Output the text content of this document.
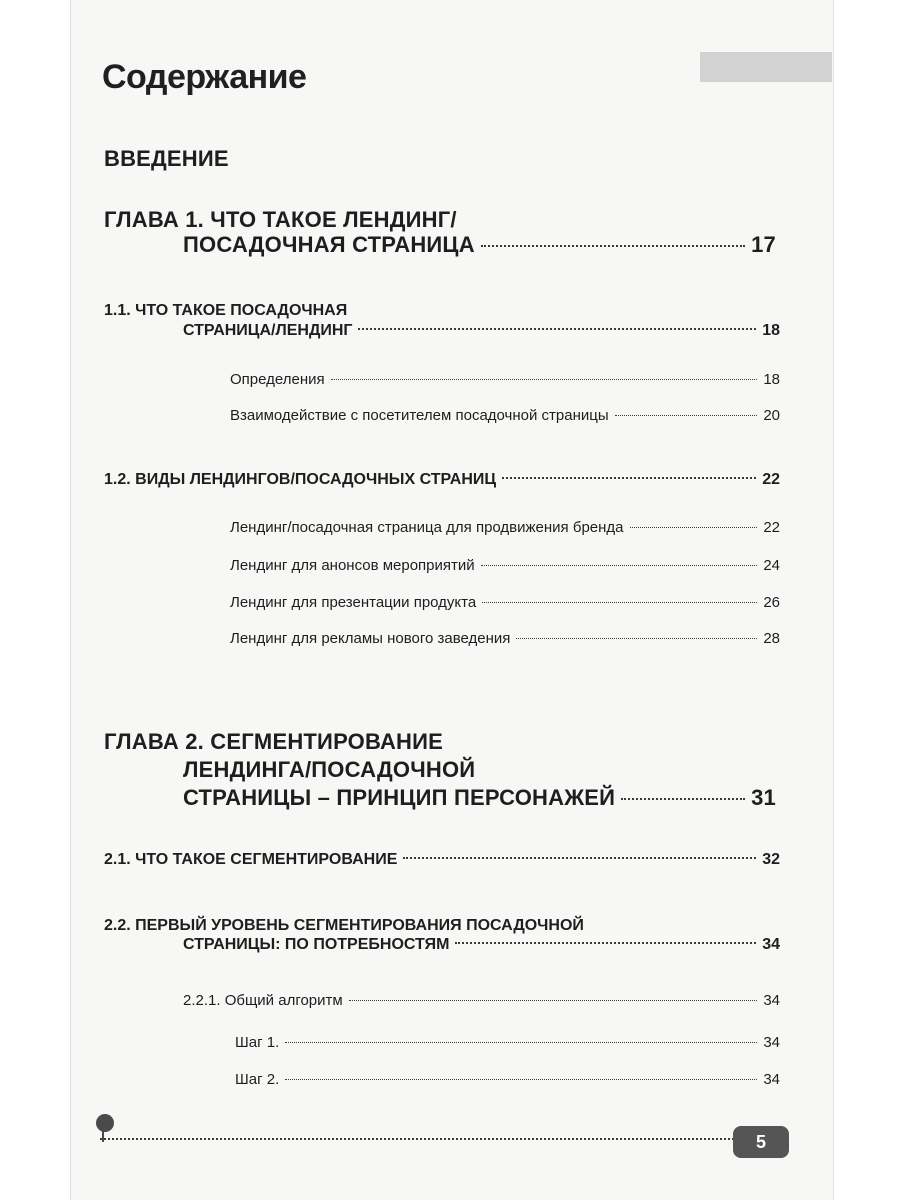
Содержание
ВВЕДЕНИЕ
ГЛАВА 1. ЧТО ТАКОЕ ЛЕНДИНГ/
ПОСАДОЧНАЯ СТРАНИЦА	17
1.1. ЧТО ТАКОЕ ПОСАДОЧНАЯ
СТРАНИЦА/ЛЕНДИНГ	18
Определения	18
Взаимодействие с посетителем посадочной страницы	20
1.2. ВИДЫ ЛЕНДИНГОВ/ПОСАДОЧНЫХ СТРАНИЦ	22
Лендинг/посадочная страница для продвижения бренда	22
Лендинг для анонсов мероприятий	24
Лендинг для презентации продукта	26
Лендинг для рекламы нового заведения	28
ГЛАВА 2. СЕГМЕНТИРОВАНИЕ
ЛЕНДИНГА/ПОСАДОЧНОЙ
СТРАНИЦЫ – ПРИНЦИП ПЕРСОНАЖЕЙ	31
2.1. ЧТО ТАКОЕ СЕГМЕНТИРОВАНИЕ	32
2.2. ПЕРВЫЙ УРОВЕНЬ СЕГМЕНТИРОВАНИЯ ПОСАДОЧНОЙ
СТРАНИЦЫ: ПО ПОТРЕБНОСТЯМ	34
2.2.1. Общий алгоритм	34
Шаг 1.	34
Шаг 2.	34
5
